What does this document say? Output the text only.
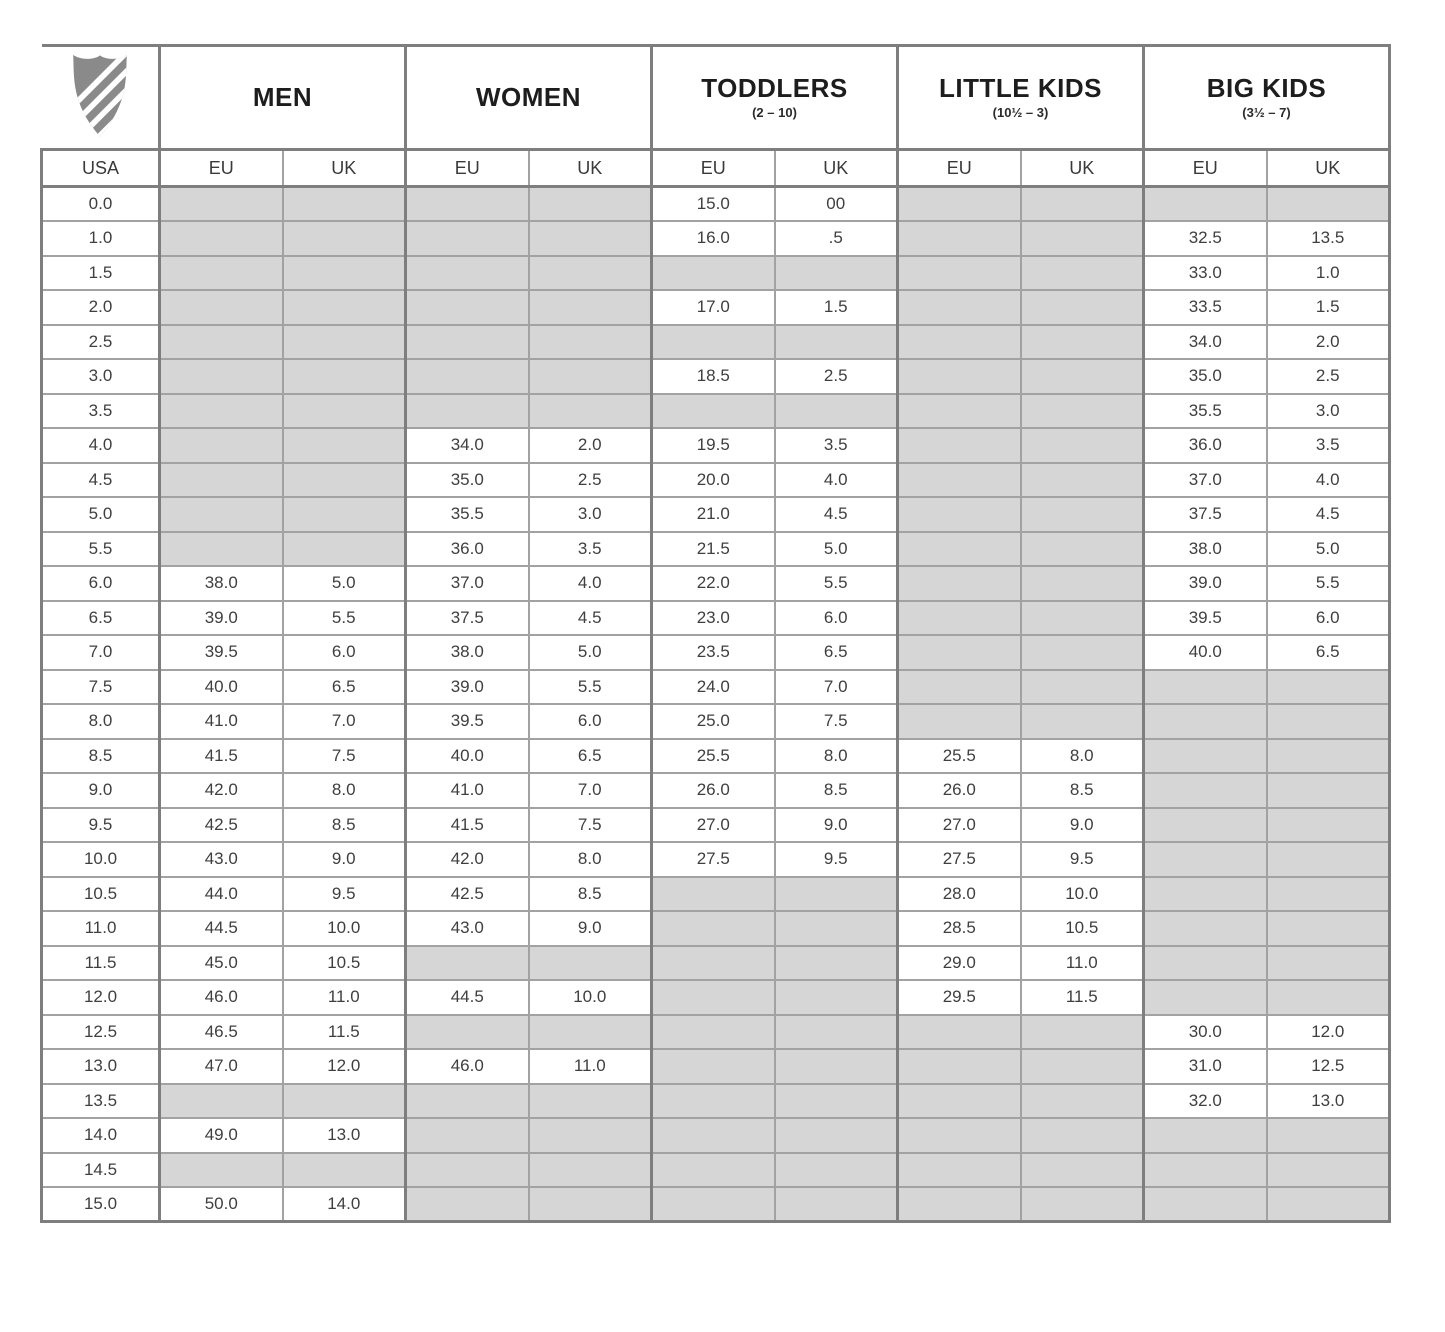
MEN	WOMEN	TODDLERS
(2 – 10)

LITTLE KIDS
(10½ – 3)

BIG KIDS
(3½ – 7)

USA	EU	UK	EU	UK	EU	UK	EU	UK	EU	UK
0.0					15.0	00				
1.0					16.0	.5			32.5	13.5
1.5									33.0	1.0
2.0					17.0	1.5			33.5	1.5
2.5									34.0	2.0
3.0					18.5	2.5			35.0	2.5
3.5									35.5	3.0
4.0			34.0	2.0	19.5	3.5			36.0	3.5
4.5			35.0	2.5	20.0	4.0			37.0	4.0
5.0			35.5	3.0	21.0	4.5			37.5	4.5
5.5			36.0	3.5	21.5	5.0			38.0	5.0
6.0	38.0	5.0	37.0	4.0	22.0	5.5			39.0	5.5
6.5	39.0	5.5	37.5	4.5	23.0	6.0			39.5	6.0
7.0	39.5	6.0	38.0	5.0	23.5	6.5			40.0	6.5
7.5	40.0	6.5	39.0	5.5	24.0	7.0				
8.0	41.0	7.0	39.5	6.0	25.0	7.5				
8.5	41.5	7.5	40.0	6.5	25.5	8.0	25.5	8.0		
9.0	42.0	8.0	41.0	7.0	26.0	8.5	26.0	8.5		
9.5	42.5	8.5	41.5	7.5	27.0	9.0	27.0	9.0		
10.0	43.0	9.0	42.0	8.0	27.5	9.5	27.5	9.5		
10.5	44.0	9.5	42.5	8.5			28.0	10.0		
11.0	44.5	10.0	43.0	9.0			28.5	10.5		
11.5	45.0	10.5					29.0	11.0		
12.0	46.0	11.0	44.5	10.0			29.5	11.5		
12.5	46.5	11.5							30.0	12.0
13.0	47.0	12.0	46.0	11.0					31.0	12.5
13.5									32.0	13.0
14.0	49.0	13.0								
14.5										
15.0	50.0	14.0								
